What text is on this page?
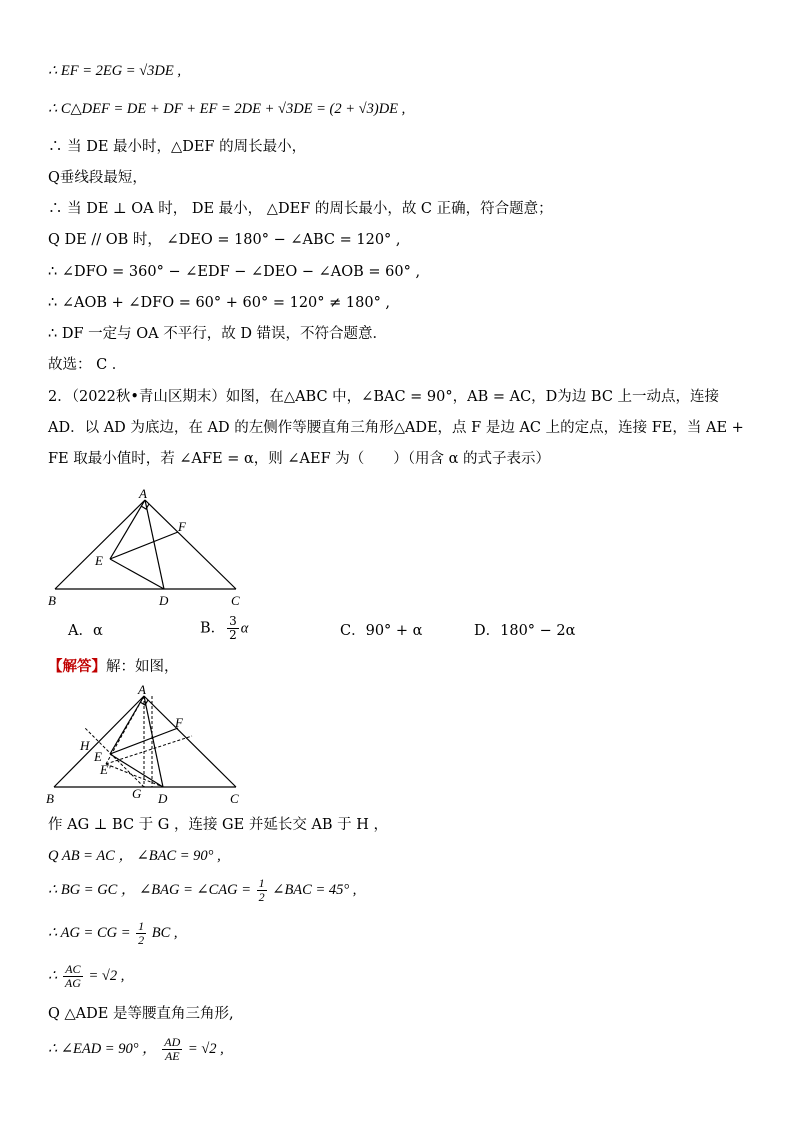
∴ EF = 2EG = √3DE ,
∴ C△DEF = DE + DF + EF = 2DE + √3DE = (2 + √3)DE ,
∴ 当 DE 最小时，△DEF 的周长最小，
Q垂线段最短，
∴ 当 DE ⊥ OA 时， DE 最小， △DEF 的周长最小，故 C 正确，符合题意；
Q DE // OB 时， ∠DEO = 180° − ∠ABC = 120° ,
∴ ∠DFO = 360° − ∠EDF − ∠DEO − ∠AOB = 60° ,
∴ ∠AOB + ∠DFO = 60° + 60° = 120° ≠ 180° ,
∴ DF 一定与 OA 不平行，故 D 错误，不符合题意．
故选： C ．
2．（2022秋•青山区期末）如图，在△ABC 中，∠BAC = 90°，AB = AC，D为边 BC 上一动点，连接 AD．以 AD 为底边，在 AD 的左侧作等腰直角三角形△ADE，点 F 是边 AC 上的定点，连接 FE，当 AE + FE 取最小值时，若 ∠AFE = α，则 ∠AEF 为（　　）（用含 α 的式子表示）
A
B	C
D
E
F
A．α	B． $\frac{3}{2}$ α	C．90° + α	D．180° − 2α
【解答】解：如图，
A
B	C
D
G
H
E
E'
F
作 AG ⊥ BC 于 G ，连接 GE 并延长交 AB 于 H ，
Q AB = AC ， ∠BAC = 90° ,
∴ BG = GC ， ∠BAG = ∠CAG = $\frac{1}{2}$ ∠BAC = 45° ,
∴ AG = CG = $\frac{1}{2}$ BC ,
∴ $\frac{AC}{AG} = √2$ ,
Q △ADE 是等腰直角三角形,
∴ ∠EAD = 90° ， $\frac{AD}{AE} = √2$ ,
